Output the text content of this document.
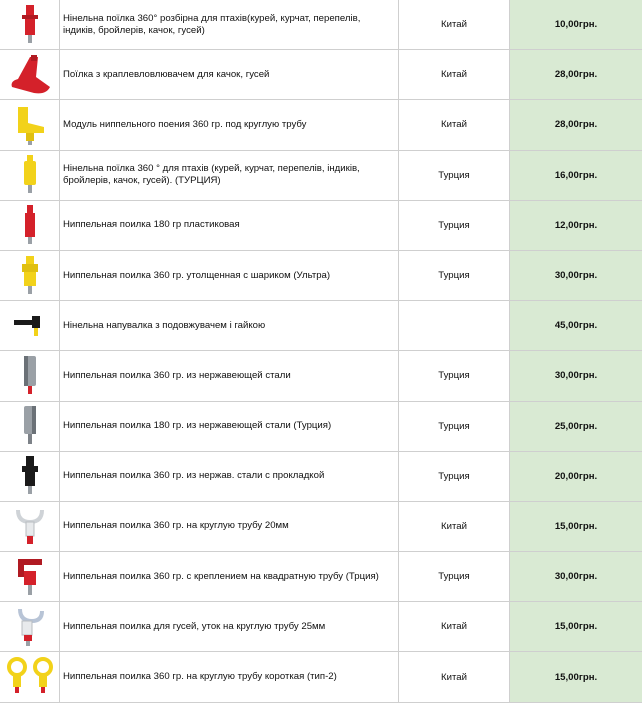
	Нінельна поїлка 360° розбірна для птахів(курей, курчат, перепелів, індиків, бройлерів, качок, гусей)	Китай	10,00грн.

	Поїлка з краплевловлювачем для качок, гусей	Китай	28,00грн.

	Модуль ниппельного поения 360 гр. под круглую трубу	Китай	28,00грн.

	Нінельна поїлка 360 ° для птахів (курей, курчат, перепелів, індиків, бройлерів, качок, гусей). (ТУРЦИЯ)	Турция	16,00грн.

	Ниппельная поилка 180 гр пластиковая	Турция	12,00грн.

	Ниппельная поилка 360 гр. утолщенная с шариком (Ультра)	Турция	30,00грн.

	Нінельна напувалка з подовжувачем і гайкою		45,00грн.

	Ниппельная поилка 360 гр. из нержавеющей стали	Турция	30,00грн.

	Ниппельная поилка 180 гр. из нержавеющей стали (Турция)	Турция	25,00грн.

	Ниппельная поилка 360 гр. из нержав. стали с прокладкой	Турция	20,00грн.

	Ниппельная поилка 360 гр. на круглую трубу 20мм	Китай	15,00грн.

	Ниппельная поилка 360 гр. с креплением на квадратную трубу (Трция)	Турция	30,00грн.

	Ниппельная поилка для гусей, уток на круглую трубу 25мм	Китай	15,00грн.

	Ниппельная поилка 360 гр. на круглую трубу короткая (тип-2)	Китай	15,00грн.
